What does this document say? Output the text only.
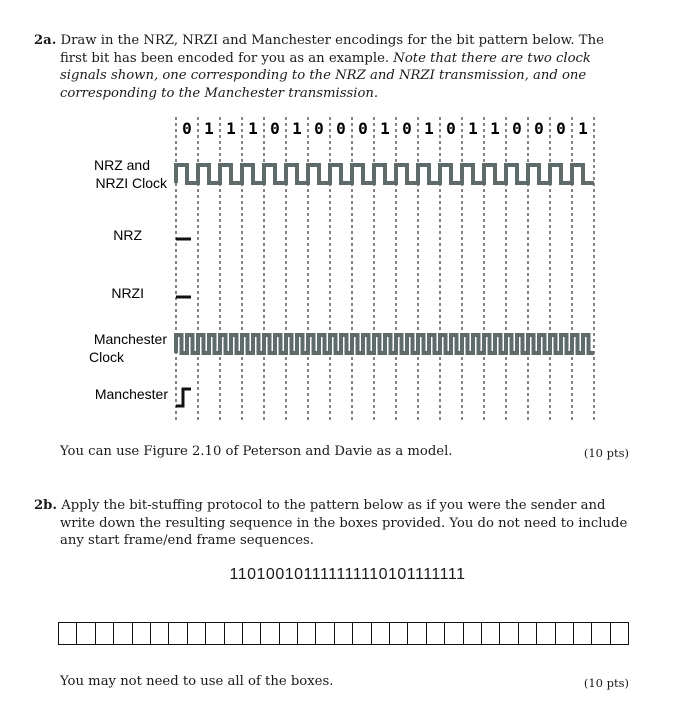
2a. Draw in the NRZ, NRZI and Manchester encodings for the bit pattern below. The first bit has been encoded for you as an example. Note that there are two clock signals shown, one corresponding to the NRZ and NRZI transmission, and one corresponding to the Manchester transmission.
0 1 1 1 0 1 0 0 0 1 0 1 0 1 1 0 0 0 1
NRZ and
NRZI Clock
NRZ
NRZI
Manchester
Clock
Manchester
You can use Figure 2.10 of Peterson and Davie as a model.	(10 pts)
2b. Apply the bit-stuffing protocol to the pattern below as if you were the sender and write down the resulting sequence in the boxes provided. You do not need to include any start frame/end frame sequences.
110100101111111110101111111
You may not need to use all of the boxes.	(10 pts)
